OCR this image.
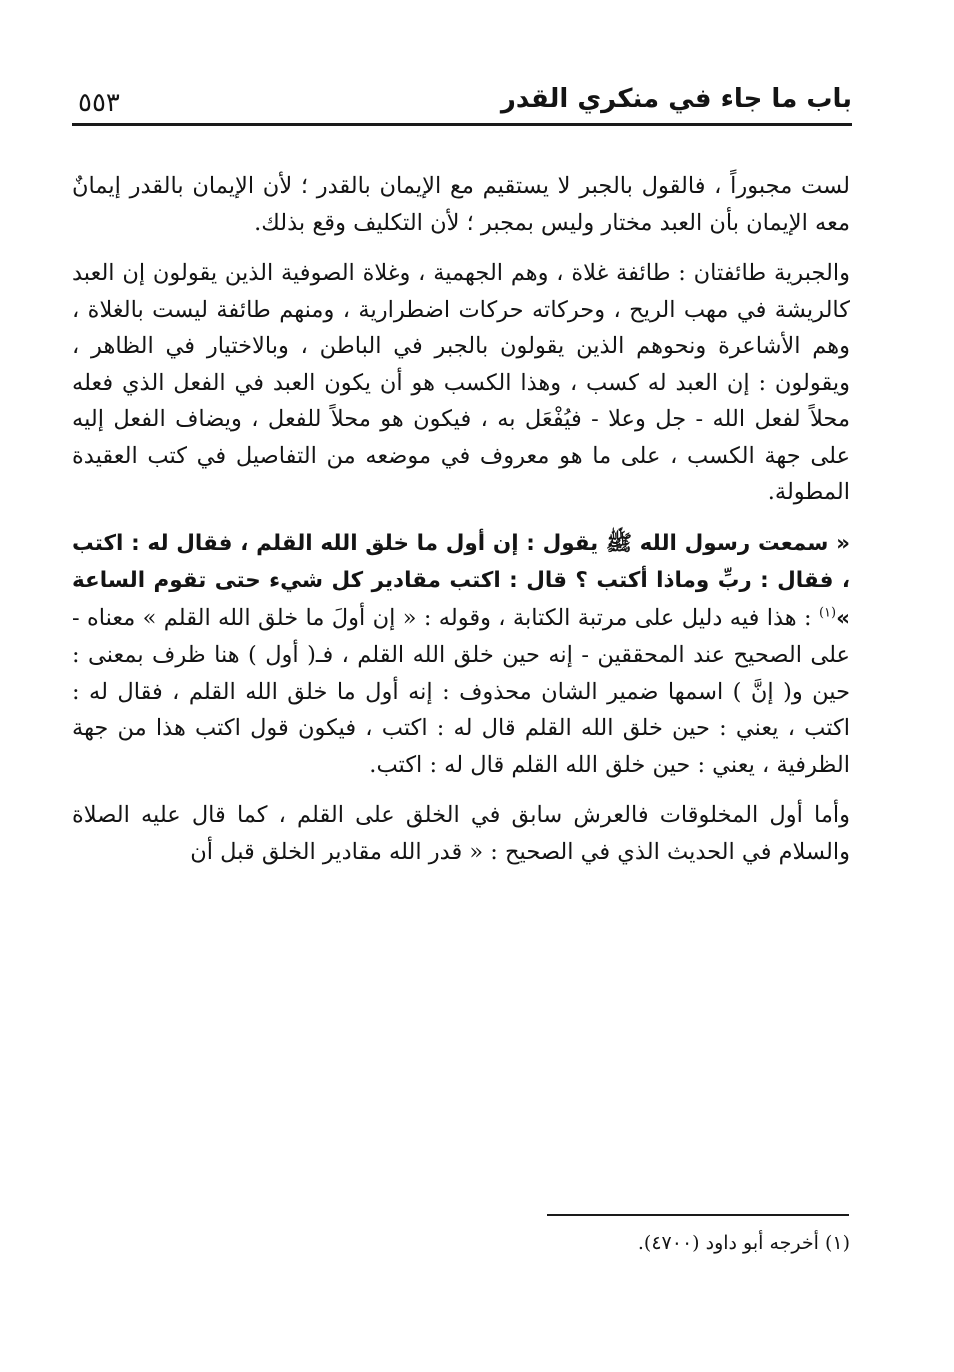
٥٥٣	باب ما جاء في منكري القدر

لست مجبوراً ، فالقول بالجبر لا يستقيم مع الإيمان بالقدر ؛ لأن الإيمان بالقدر إيمانٌ معه الإيمان بأن العبد مختار وليس بمجبر ؛ لأن التكليف وقع بذلك.

والجبرية طائفتان : طائفة غلاة ، وهم الجهمية ، وغلاة الصوفية الذين يقولون إن العبد كالريشة في مهب الريح ، وحركاته حركات اضطرارية ، ومنهم طائفة ليست بالغلاة ، وهم الأشاعرة ونحوهم الذين يقولون بالجبر في الباطن ، وبالاختيار في الظاهر ، ويقولون : إن العبد له كسب ، وهذا الكسب هو أن يكون العبد في الفعل الذي فعله محلاً لفعل الله - جل وعلا - فيُفْعَل به ، فيكون هو محلاً للفعل ، ويضاف الفعل إليه على جهة الكسب ، على ما هو معروف في موضعه من التفاصيل في كتب العقيدة المطولة.

« سمعت رسول الله ﷺ يقول : إن أول ما خلق الله القلم ، فقال له : اكتب ، فقال : ربِّ وماذا أكتب ؟ قال : اكتب مقادير كل شيء حتى تقوم الساعة »$^{(١)}$ : هذا فيه دليل على مرتبة الكتابة ، وقوله : « إن أولَ ما خلق الله القلم » معناه - على الصحيح عند المحققين - إنه حين خلق الله القلم ، فـ( أول ) هنا ظرف بمعنى : حين و( إنَّ ) اسمها ضمير الشان محذوف : إنه أول ما خلق الله القلم ، فقال له : اكتب ، يعني : حين خلق الله القلم قال له : اكتب ، فيكون قول اكتب هذا من جهة الظرفية ، يعني : حين خلق الله القلم قال له : اكتب.

وأما أول المخلوقات فالعرش سابق في الخلق على القلم ، كما قال عليه الصلاة والسلام في الحديث الذي في الصحيح : « قدر الله مقادير الخلق قبل أن

(١) أخرجه أبو داود (٤٧٠٠).
